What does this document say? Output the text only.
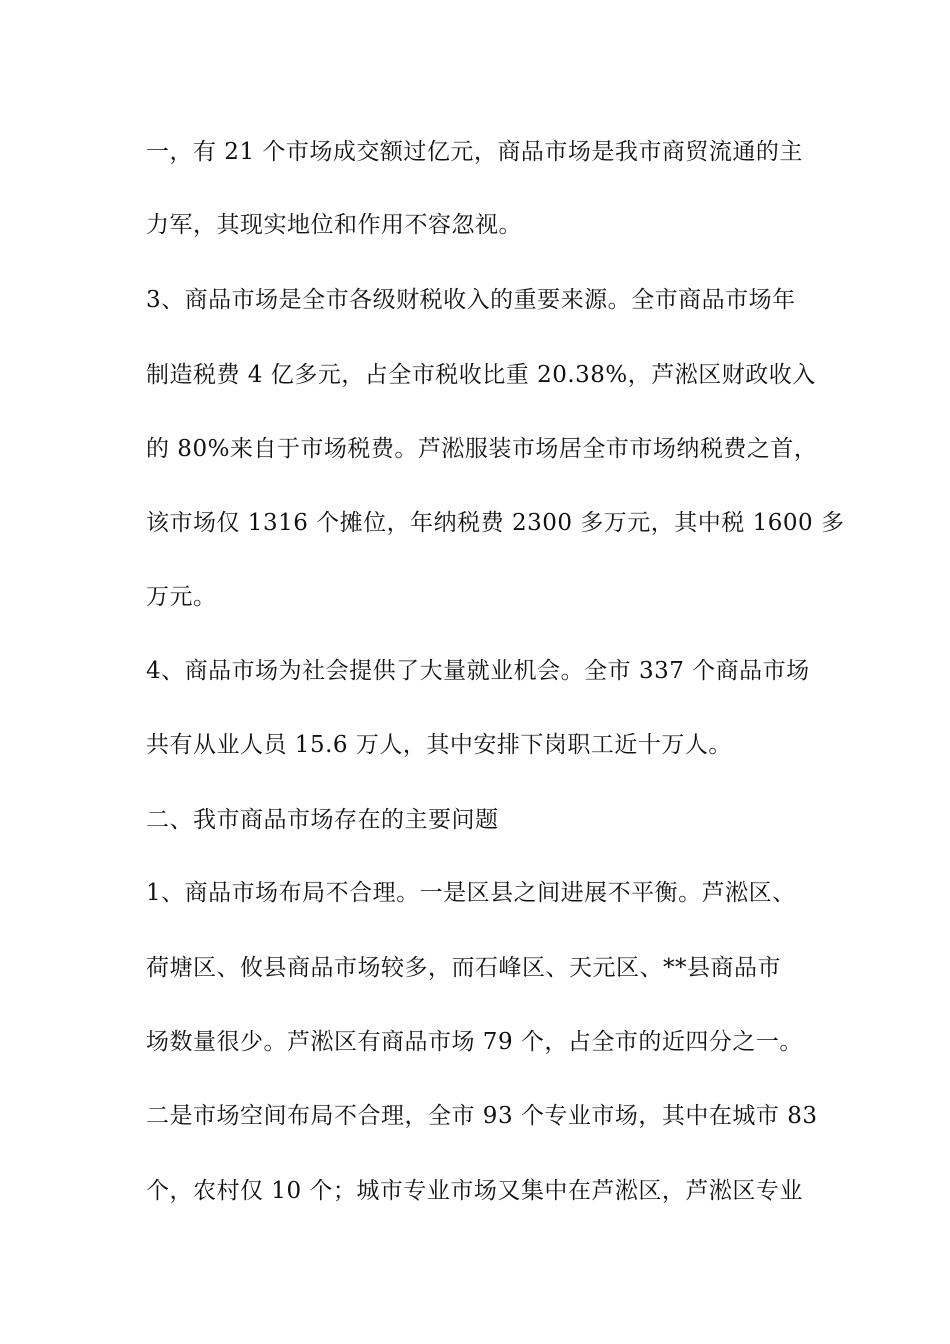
一，有 21 个市场成交额过亿元，商品市场是我市商贸流通的主
力军，其现实地位和作用不容忽视。
3、商品市场是全市各级财税收入的重要来源。全市商品市场年
制造税费 4 亿多元，占全市税收比重 20.38%，芦淞区财政收入
的 80%来自于市场税费。芦淞服装市场居全市市场纳税费之首，
该市场仅 1316 个摊位，年纳税费 2300 多万元，其中税 1600 多
万元。
4、商品市场为社会提供了大量就业机会。全市 337 个商品市场
共有从业人员 15.6 万人，其中安排下岗职工近十万人。
二、我市商品市场存在的主要问题
1、商品市场布局不合理。一是区县之间进展不平衡。芦淞区、
荷塘区、攸县商品市场较多，而石峰区、天元区、**县商品市
场数量很少。芦淞区有商品市场 79 个，占全市的近四分之一。
二是市场空间布局不合理，全市 93 个专业市场，其中在城市 83
个，农村仅 10 个；城市专业市场又集中在芦淞区，芦淞区专业
